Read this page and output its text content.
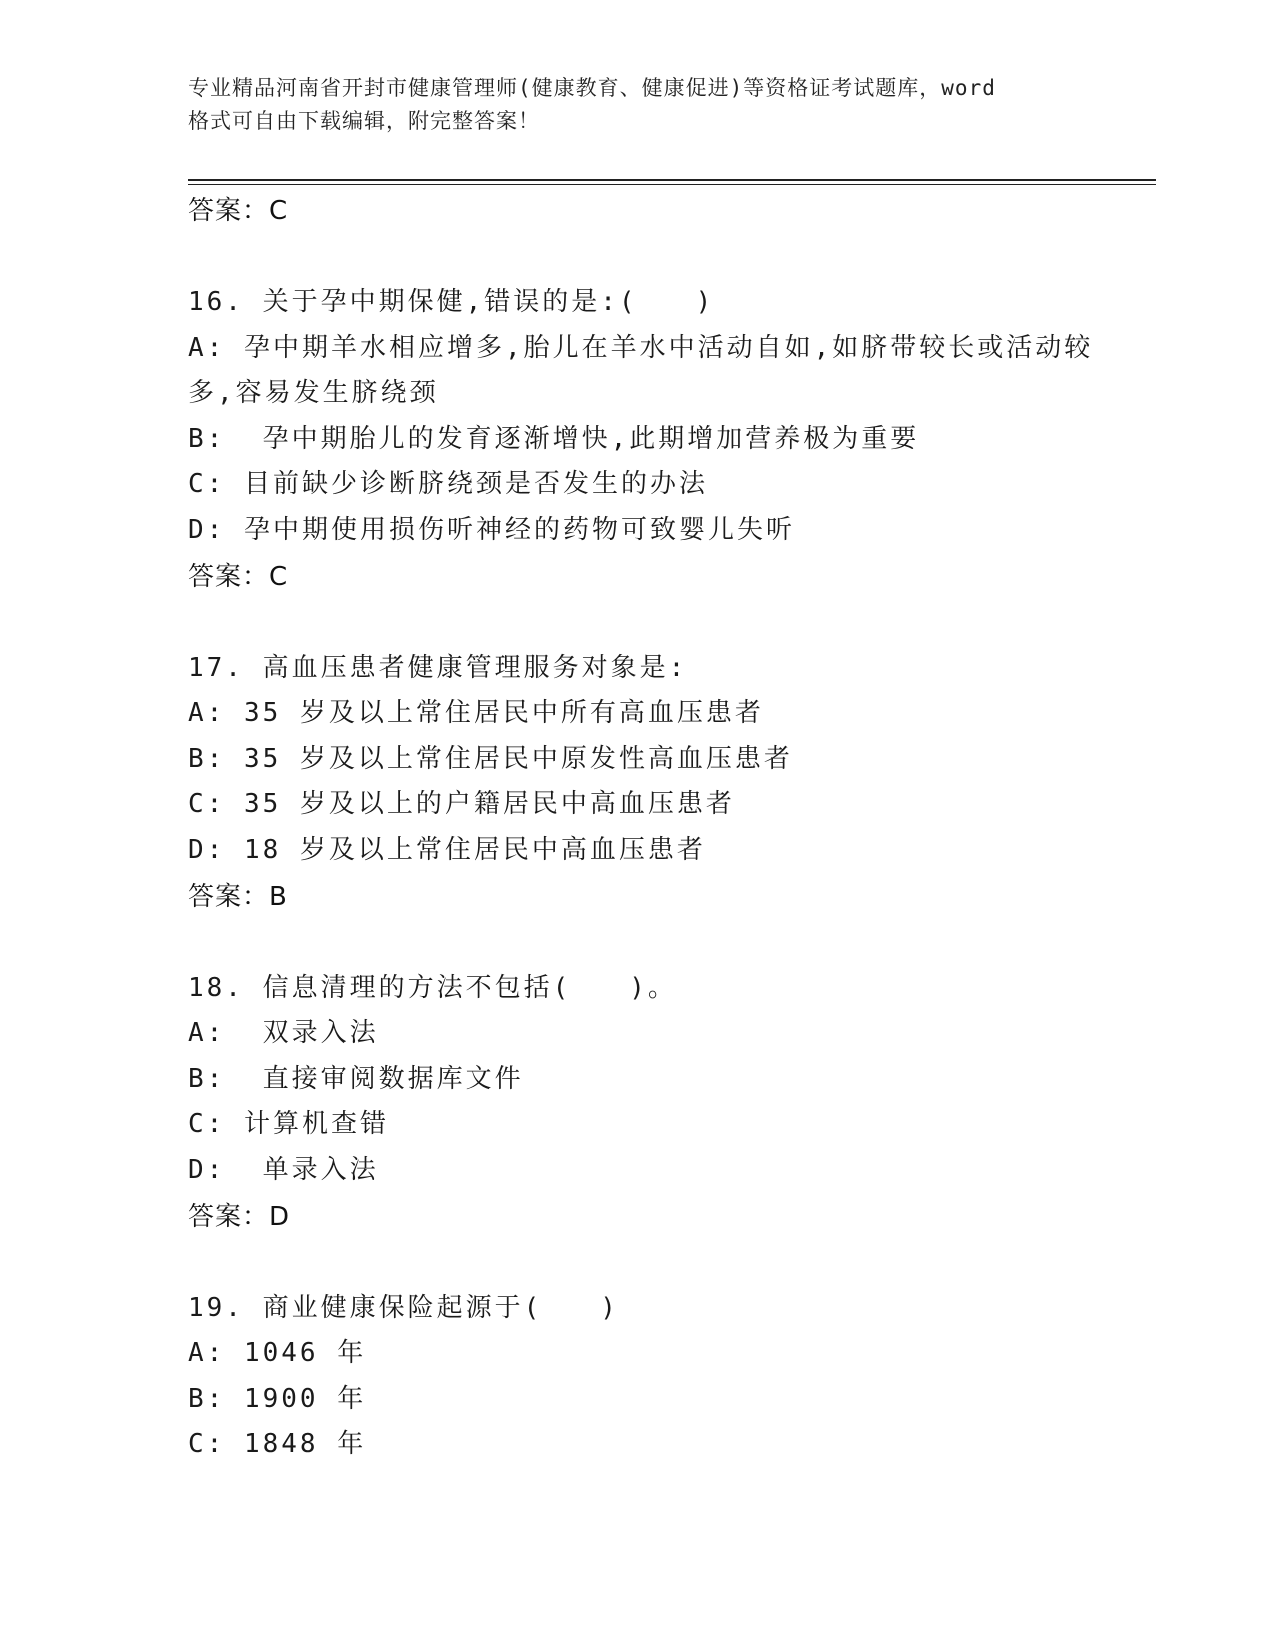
专业精品河南省开封市健康管理师(健康教育、健康促进)等资格证考试题库，word
格式可自由下载编辑，附完整答案！
答案：C
16. 关于孕中期保健,错误的是:(　　)
A: 孕中期羊水相应增多,胎儿在羊水中活动自如,如脐带较长或活动较
多,容易发生脐绕颈
B:  孕中期胎儿的发育逐渐增快,此期增加营养极为重要
C: 目前缺少诊断脐绕颈是否发生的办法
D: 孕中期使用损伤听神经的药物可致婴儿失听
答案：C
17. 高血压患者健康管理服务对象是:
A: 35 岁及以上常住居民中所有高血压患者
B: 35 岁及以上常住居民中原发性高血压患者
C: 35 岁及以上的户籍居民中高血压患者
D: 18 岁及以上常住居民中高血压患者
答案：B
18. 信息清理的方法不包括(　　)。
A:  双录入法
B:  直接审阅数据库文件
C: 计算机查错
D:  单录入法
答案：D
19. 商业健康保险起源于(　　)
A: 1046 年
B: 1900 年
C: 1848 年
